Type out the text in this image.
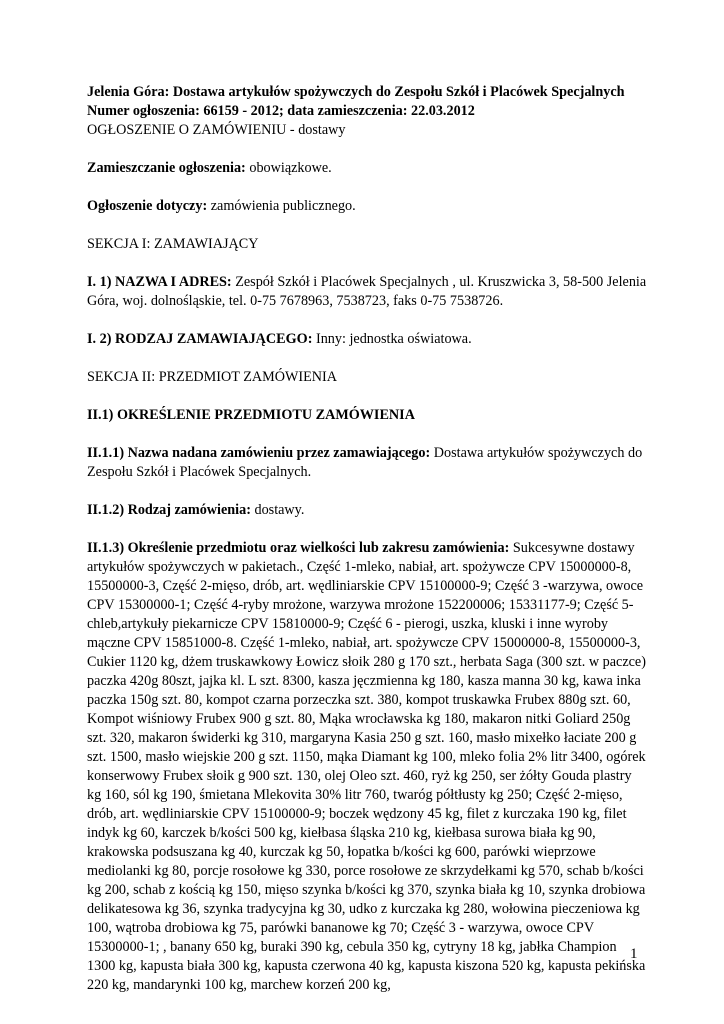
Jelenia Góra: Dostawa artykułów spożywczych do Zespołu Szkół i Placówek Specjalnych

Numer ogłoszenia: 66159 - 2012; data zamieszczenia: 22.03.2012

OGŁOSZENIE O ZAMÓWIENIU - dostawy

Zamieszczanie ogłoszenia: obowiązkowe.

Ogłoszenie dotyczy: zamówienia publicznego.

SEKCJA I: ZAMAWIAJĄCY

I. 1) NAZWA I ADRES: Zespół Szkół i Placówek Specjalnych , ul. Kruszwicka 3, 58-500 Jelenia Góra, woj. dolnośląskie, tel. 0-75 7678963, 7538723, faks 0-75 7538726.

I. 2) RODZAJ ZAMAWIAJĄCEGO: Inny: jednostka oświatowa.

SEKCJA II: PRZEDMIOT ZAMÓWIENIA

II.1) OKREŚLENIE PRZEDMIOTU ZAMÓWIENIA

II.1.1) Nazwa nadana zamówieniu przez zamawiającego: Dostawa artykułów spożywczych do Zespołu Szkół i Placówek Specjalnych.

II.1.2) Rodzaj zamówienia: dostawy.

II.1.3) Określenie przedmiotu oraz wielkości lub zakresu zamówienia: Sukcesywne dostawy artykułów spożywczych w pakietach., Część 1-mleko, nabiał, art. spożywcze CPV 15000000-8, 15500000-3, Część 2-mięso, drób, art. wędliniarskie CPV 15100000-9; Część 3 -warzywa, owoce CPV 15300000-1; Część 4-ryby mrożone, warzywa mrożone 152200006; 15331177-9; Część 5-chleb,artykuły piekarnicze CPV 15810000-9; Część 6 - pierogi, uszka, kluski i inne wyroby mączne CPV 15851000-8. Część 1-mleko, nabiał, art. spożywcze CPV 15000000-8, 15500000-3, Cukier 1120 kg, dżem truskawkowy Łowicz słoik 280 g 170 szt., herbata Saga (300 szt. w paczce) paczka 420g 80szt, jajka kl. L szt. 8300, kasza jęczmienna kg 180, kasza manna 30 kg, kawa inka paczka 150g szt. 80, kompot czarna porzeczka szt. 380, kompot truskawka Frubex 880g szt. 60, Kompot wiśniowy Frubex 900 g szt. 80, Mąka wrocławska kg 180, makaron nitki Goliard 250g szt. 320, makaron świderki kg 310, margaryna Kasia 250 g szt. 160, masło mixełko łaciate 200 g szt. 1500, masło wiejskie 200 g szt. 1150, mąka Diamant kg 100, mleko folia 2% litr 3400, ogórek konserwowy Frubex słoik g 900 szt. 130, olej Oleo szt. 460, ryż kg 250, ser żółty Gouda plastry kg 160, sól kg 190, śmietana Mlekovita 30% litr 760, twaróg półtłusty kg 250; Część 2-mięso, drób, art. wędliniarskie CPV 15100000-9; boczek wędzony 45 kg, filet z kurczaka 190 kg, filet indyk kg 60, karczek b/kości 500 kg, kiełbasa śląska 210 kg, kiełbasa surowa biała kg 90, krakowska podsuszana kg 40, kurczak kg 50, łopatka b/kości kg 600, parówki wieprzowe mediolanki kg 80, porcje rosołowe kg 330, porce rosołowe ze skrzydełkami kg 570, schab b/kości kg 200, schab z kością kg 150, mięso szynka b/kości kg 370, szynka biała kg 10, szynka drobiowa delikatesowa kg 36, szynka tradycyjna kg 30, udko z kurczaka kg 280, wołowina pieczeniowa kg 100, wątroba drobiowa kg 75, parówki bananowe kg 70; Część 3 - warzywa, owoce CPV 15300000-1; , banany 650 kg, buraki 390 kg, cebula 350 kg, cytryny 18 kg, jabłka Champion 1300 kg, kapusta biała 300 kg, kapusta czerwona 40 kg, kapusta kiszona 520 kg, kapusta pekińska 220 kg, mandarynki 100 kg, marchew korzeń 200 kg,

1
